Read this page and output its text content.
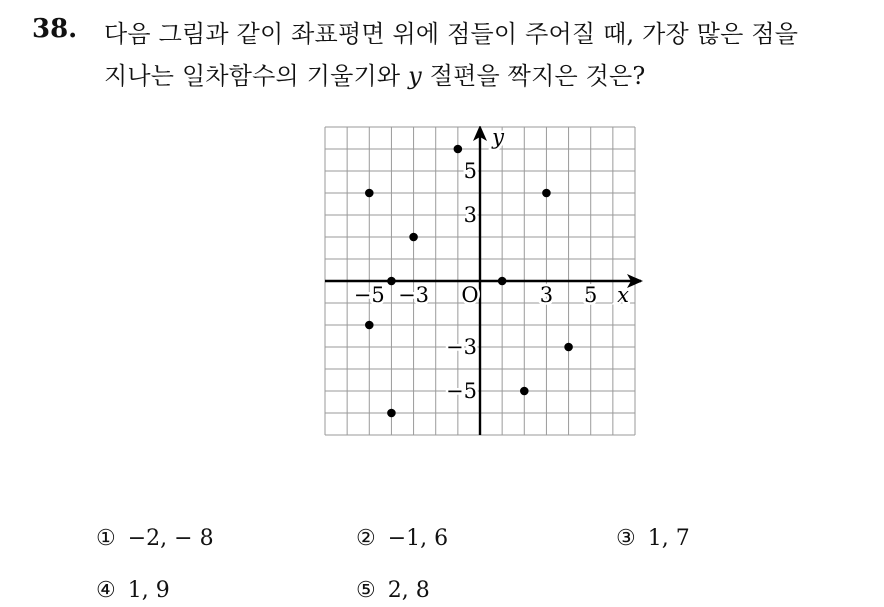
38. 다음 그림과 같이 좌표평면 위에 점들이 주어질 때, 가장 많은 점을
지나는 일차함수의 기울기와 y 절편을 짝지은 것은?
−5 −3	3 5
5
3
−3
−5
O	x
y
① −2, − 8	② −1, 6	③ 1, 7
④ 1, 9	⑤ 2, 8
